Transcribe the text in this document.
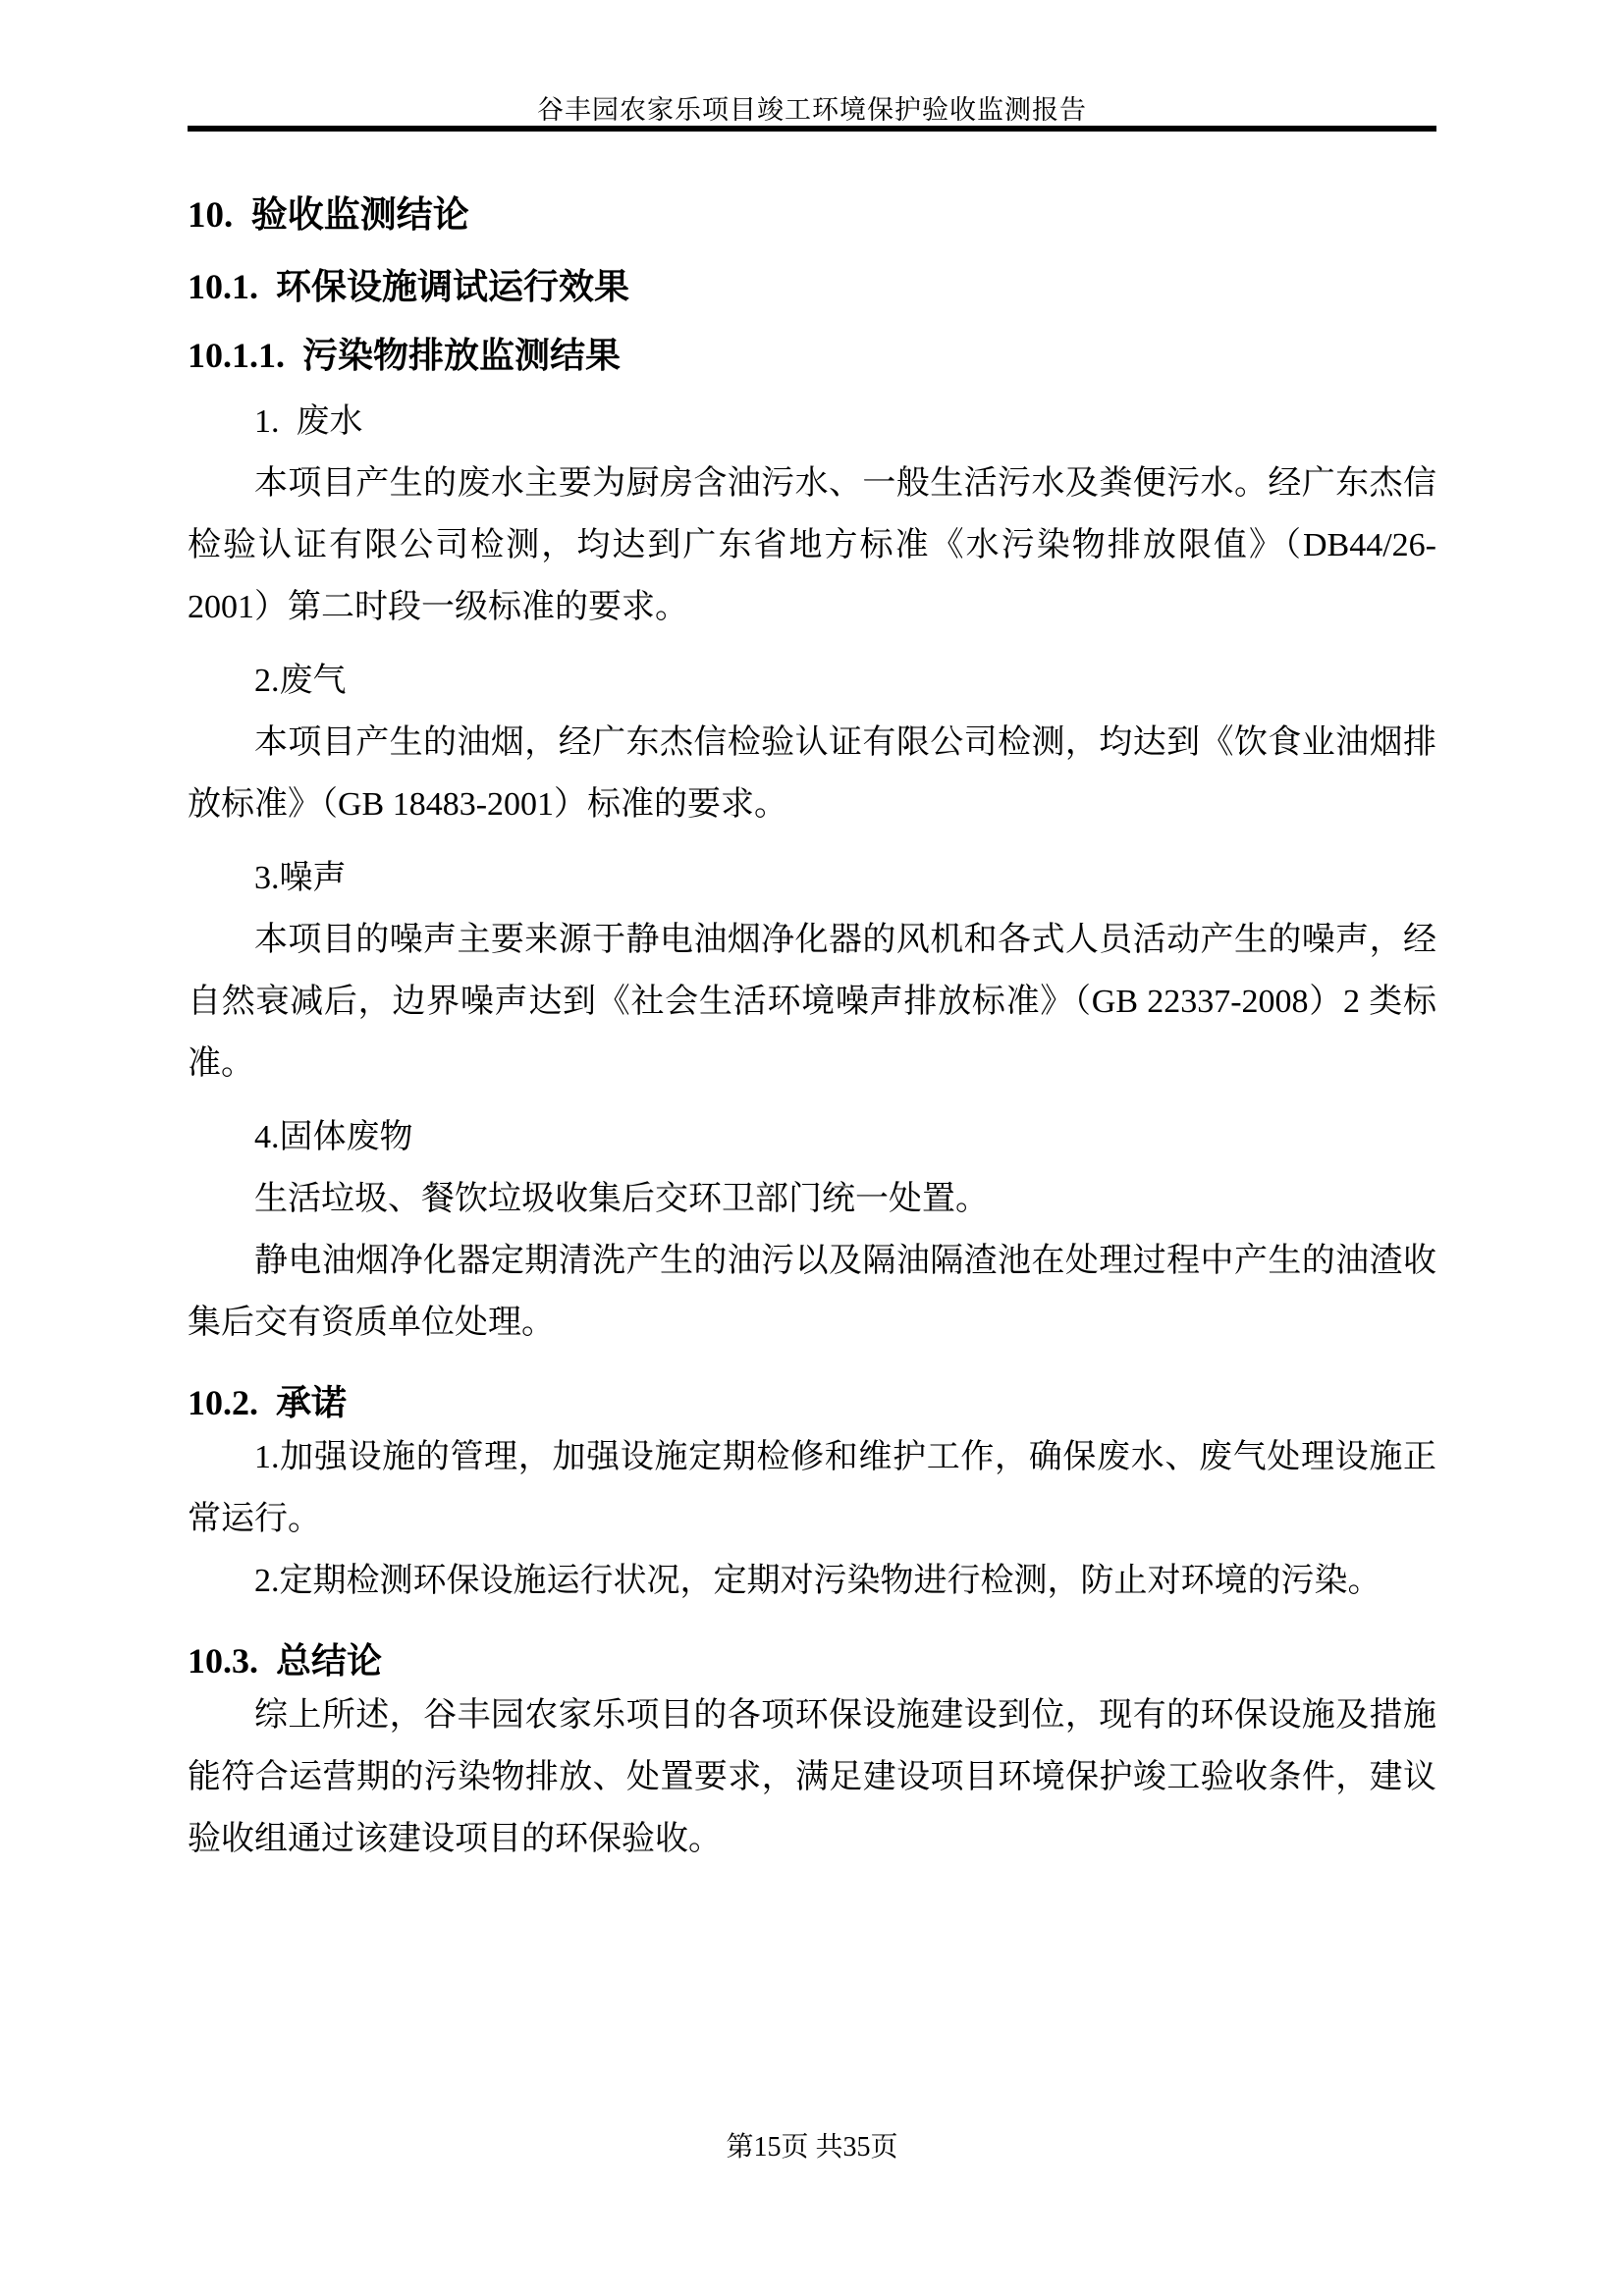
谷丰园农家乐项目竣工环境保护验收监测报告

10. 验收监测结论

10.1. 环保设施调试运行效果

10.1.1. 污染物排放监测结果

1. 废水

本项目产生的废水主要为厨房含油污水、一般生活污水及粪便污水。经广东杰信检验认证有限公司检测，均达到广东省地方标准《水污染物排放限值》（DB44/26-2001）第二时段一级标准的要求。

2.废气

本项目产生的油烟，经广东杰信检验认证有限公司检测，均达到《饮食业油烟排放标准》（GB 18483-2001）标准的要求。

3.噪声

本项目的噪声主要来源于静电油烟净化器的风机和各式人员活动产生的噪声，经自然衰减后，边界噪声达到《社会生活环境噪声排放标准》（GB 22337-2008）2 类标准。

4.固体废物

生活垃圾、餐饮垃圾收集后交环卫部门统一处置。

静电油烟净化器定期清洗产生的油污以及隔油隔渣池在处理过程中产生的油渣收集后交有资质单位处理。

10.2. 承诺

1.加强设施的管理，加强设施定期检修和维护工作，确保废水、废气处理设施正常运行。

2.定期检测环保设施运行状况，定期对污染物进行检测，防止对环境的污染。

10.3. 总结论

综上所述，谷丰园农家乐项目的各项环保设施建设到位，现有的环保设施及措施能符合运营期的污染物排放、处置要求，满足建设项目环境保护竣工验收条件，建议验收组通过该建设项目的环保验收。

第15页 共35页
